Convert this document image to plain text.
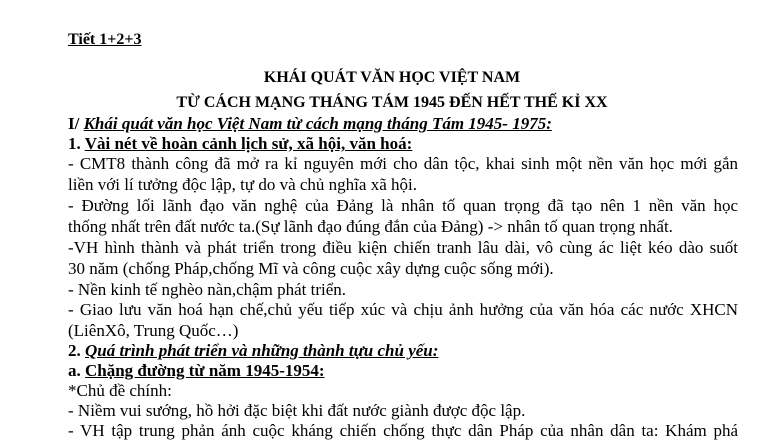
Tiết 1+2+3
KHÁI QUÁT VĂN HỌC VIỆT NAM
TỪ CÁCH MẠNG THÁNG TÁM 1945 ĐẾN HẾT THẾ KỈ XX
I/ Khái quát văn học Việt Nam từ cách mạng tháng Tám 1945- 1975:
1. Vài nét về hoàn cảnh lịch sử, xã hội, văn hoá:
- CMT8 thành công đã mở ra kỉ nguyên mới cho dân tộc, khai sinh một nền văn học mới gắn
liền với lí tưởng độc lập, tự do và chủ nghĩa xã hội.
- Đường lối lãnh đạo văn nghệ của Đảng là nhân tố quan trọng đã tạo nên 1 nền văn học
thống nhất trên đất nước ta.(Sự lãnh đạo đúng đắn của Đảng) -> nhân tố quan trọng nhất.
-VH hình thành và phát triển trong điều kiện chiến tranh lâu dài, vô cùng ác liệt kéo dào suốt
30 năm (chống Pháp,chống Mĩ và công cuộc xây dựng cuộc sống mới).
- Nền kinh tế nghèo nàn,chậm phát triển.
- Giao lưu văn hoá hạn chế,chủ yếu tiếp xúc và chịu ảnh hưởng của văn hóa các nước XHCN
(LiênXô, Trung Quốc…)
2. Quá trình phát triển và những thành tựu chủ yếu:
a. Chặng đường từ năm 1945-1954:
*Chủ đề chính:
- Niềm vui sướng, hồ hởi đặc biệt khi đất nước giành được độc lập.
- VH tập trung phản ánh cuộc kháng chiến chống thực dân Pháp của nhân dân ta: Khám phá
